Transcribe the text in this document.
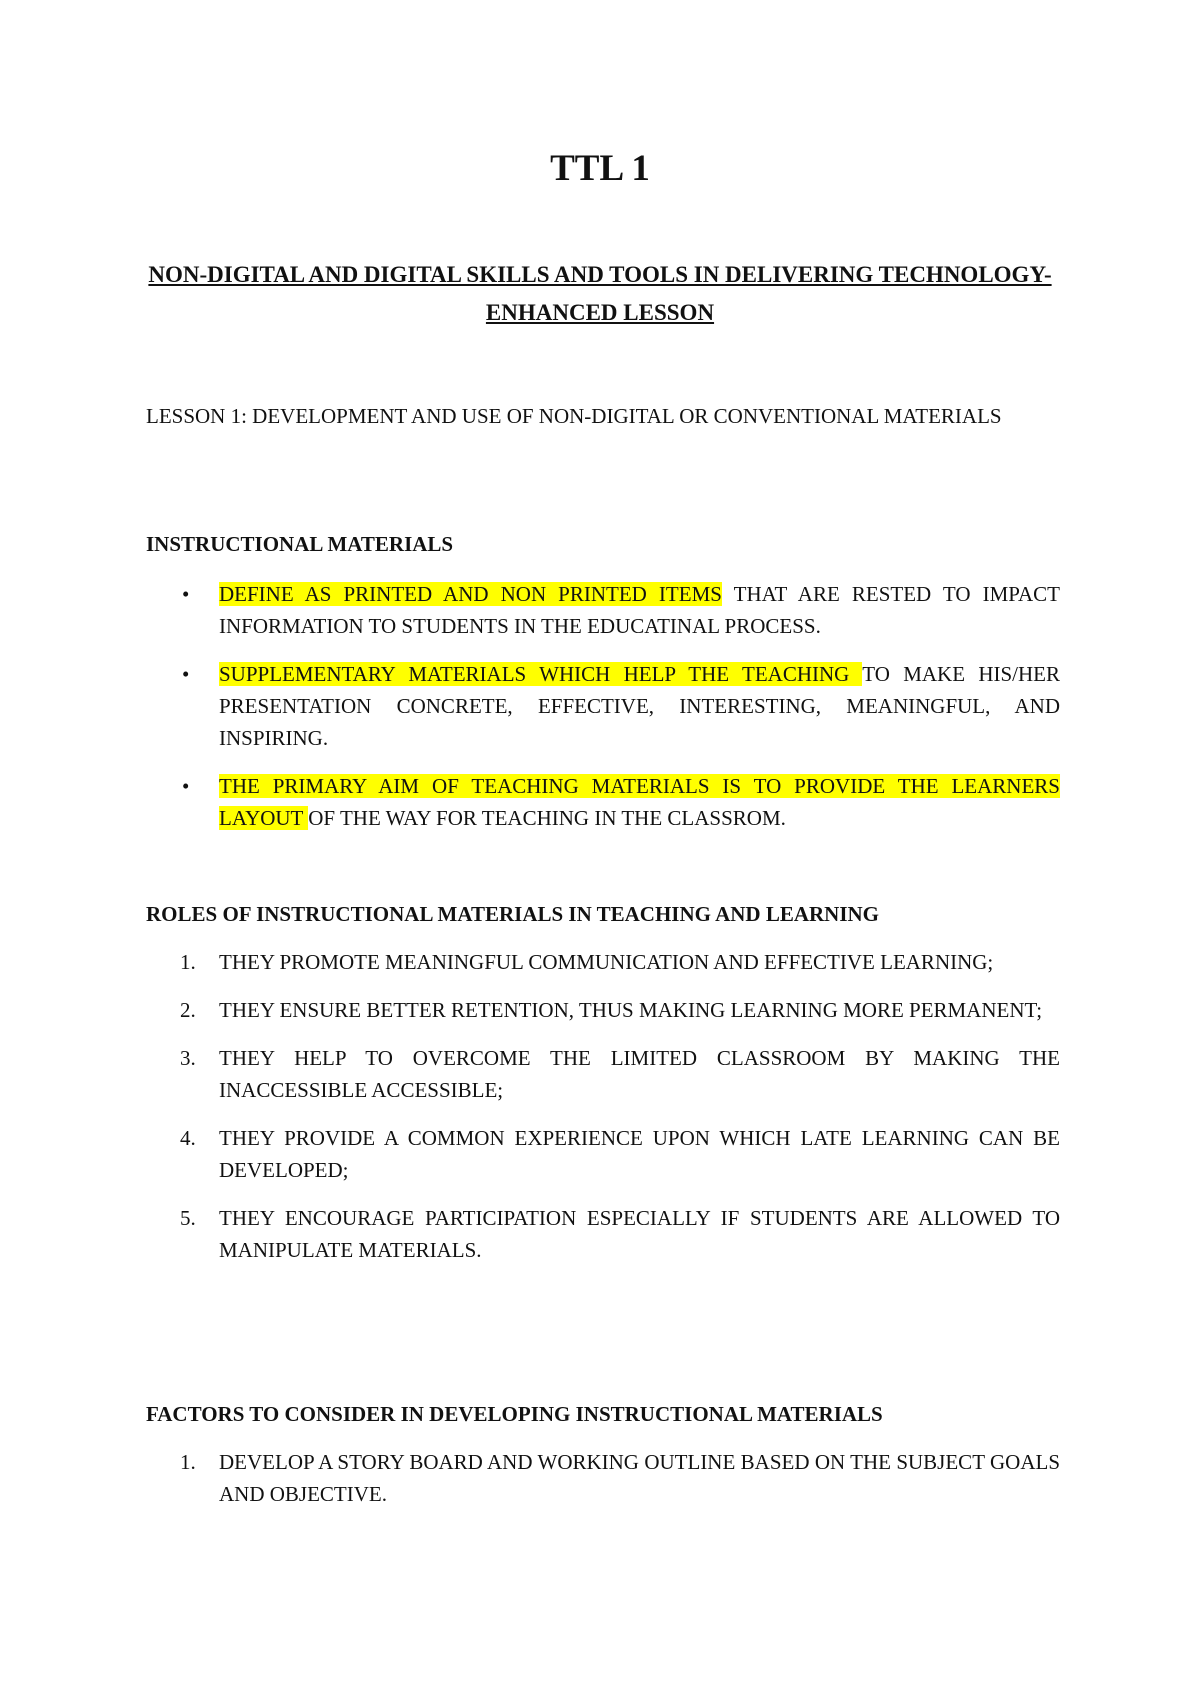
TTL 1
NON-DIGITAL AND DIGITAL SKILLS AND TOOLS IN DELIVERING TECHNOLOGY-ENHANCED LESSON

LESSON 1: DEVELOPMENT AND USE OF NON-DIGITAL OR CONVENTIONAL MATERIALS

INSTRUCTIONAL MATERIALS
• DEFINE AS PRINTED AND NON PRINTED ITEMS THAT ARE RESTED TO IMPACT INFORMATION TO STUDENTS IN THE EDUCATINAL PROCESS.
• SUPPLEMENTARY MATERIALS WHICH HELP THE TEACHING TO MAKE HIS/HER PRESENTATION CONCRETE, EFFECTIVE, INTERESTING, MEANINGFUL, AND INSPIRING.
• THE PRIMARY AIM OF TEACHING MATERIALS IS TO PROVIDE THE LEARNERS LAYOUT OF THE WAY FOR TEACHING IN THE CLASSROM.
ROLES OF INSTRUCTIONAL MATERIALS IN TEACHING AND LEARNING
1. THEY PROMOTE MEANINGFUL COMMUNICATION AND EFFECTIVE LEARNING;
2. THEY ENSURE BETTER RETENTION, THUS MAKING LEARNING MORE PERMANENT;
3. THEY HELP TO OVERCOME THE LIMITED CLASSROOM BY MAKING THE INACCESSIBLE ACCESSIBLE;
4. THEY PROVIDE A COMMON EXPERIENCE UPON WHICH LATE LEARNING CAN BE DEVELOPED;
5. THEY ENCOURAGE PARTICIPATION ESPECIALLY IF STUDENTS ARE ALLOWED TO MANIPULATE MATERIALS.
FACTORS TO CONSIDER IN DEVELOPING INSTRUCTIONAL MATERIALS
1. DEVELOP A STORY BOARD AND WORKING OUTLINE BASED ON THE SUBJECT GOALS AND OBJECTIVE.
